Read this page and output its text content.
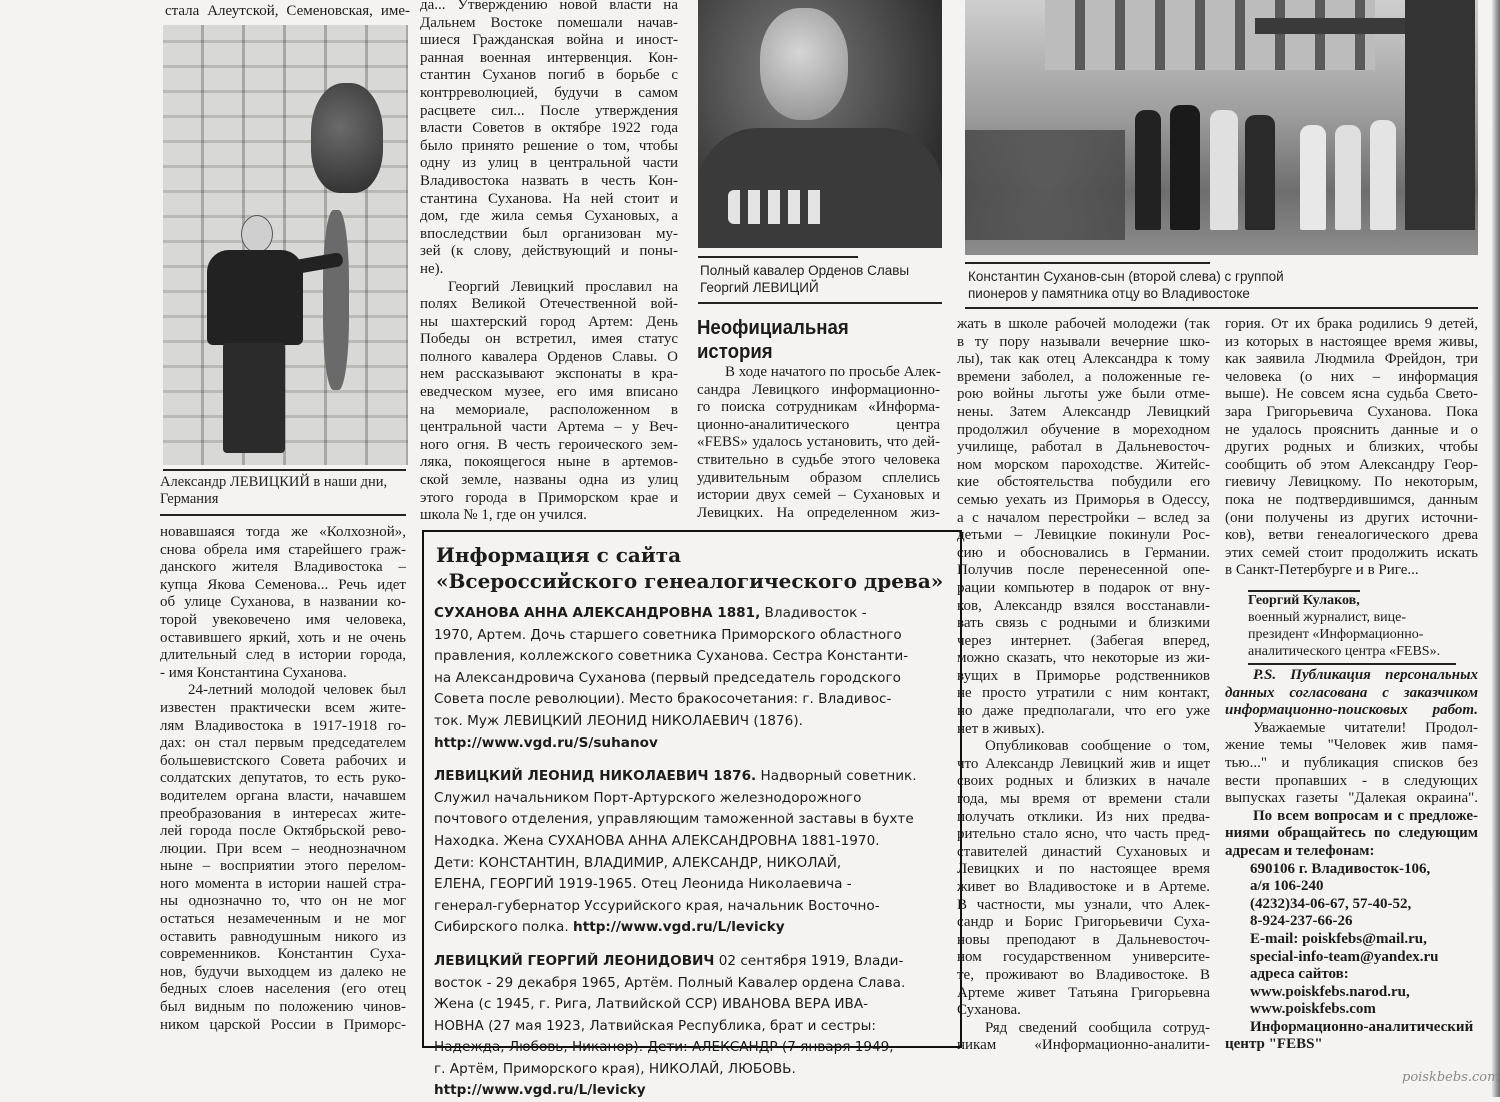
стала Алеутской, Семеновская, име-
Александр ЛЕВИЦКИЙ в наши дни,
Германия
да... Утверждению новой власти на
Дальнем Востоке помешали начав-
шиеся Гражданская война и иност-
ранная военная интервенция. Кон-
стантин Суханов погиб в борьбе с
контрреволюцией, будучи в самом
расцвете сил... После утверждения
власти Советов в октябре 1922 года
было принято решение о том, чтобы
одну из улиц в центральной части
Владивостока назвать в честь Кон-
стантина Суханова. На ней стоит и
дом, где жила семья Сухановых, а
впоследствии был организован му-
зей (к слову, действующий и поны-
не).
Георгий Левицкий прославил на
полях Великой Отечественной вой-
ны шахтерский город Артем: День
Победы он встретил, имея статус
полного кавалера Орденов Славы. О
нем рассказывают экспонаты в кра-
еведческом музее, его имя вписано
на мемориале, расположенном в
центральной части Артема – у Веч-
ного огня. В честь героического зем-
ляка, покоящегося ныне в артемов-
ской земле, названы одна из улиц
этого города в Приморском крае и
школа № 1, где он учился.
Полный кавалер Орденов Славы
Георгий ЛЕВИЦИЙ
Константин Суханов-сын (второй слева) с группой
пионеров у памятника отцу во Владивостоке
Неофициальная
история
В ходе начатого по просьбе Алек-
сандра Левицкого информационно-
го поиска сотрудникам «Информа-
ционно-аналитического центра
«FEBS» удалось установить, что дей-
ствительно в судьбе этого человека
удивительным образом сплелись
истории двух семей – Сухановых и
Левицких. На определенном жиз-
жать в школе рабочей молодежи (так
в ту пору называли вечерние шко-
лы), так как отец Александра к тому
времени заболел, а положенные ге-
рою войны льготы уже были отме-
нены. Затем Александр Левицкий
продолжил обучение в мореходном
училище, работал в Дальневосточ-
ном морском пароходстве. Житейс-
кие обстоятельства побудили его
семью уехать из Приморья в Одессу,
а с началом перестройки – вслед за
детьми – Левицкие покинули Рос-
сию и обосновались в Германии.
Получив после перенесенной опе-
рации компьютер в подарок от вну-
ков, Александр взялся восстанавли-
вать связь с родными и близкими
через интернет. (Забегая вперед,
можно сказать, что некоторые из жи-
вущих в Приморье родственников
не просто утратили с ним контакт,
но даже предполагали, что его уже
нет в живых).
Опубликовав сообщение о том,
что Александр Левицкий жив и ищет
своих родных и близких в начале
года, мы время от времени стали
получать отклики. Из них предва-
рительно стало ясно, что часть пред-
ставителей династий Сухановых и
Левицких и по настоящее время
живет во Владивостоке и в Артеме.
В частности, мы узнали, что Алек-
сандр и Борис Григорьевичи Суха-
новы преподают в Дальневосточ-
ном государственном университе-
те, проживают во Владивостоке. В
Артеме живет Татьяна Григорьевна
Суханова.
Ряд сведений сообщила сотруд-
никам «Информационно-аналити-
гория. От их брака родились 9 детей,
из которых в настоящее время живы,
как заявила Людмила Фрейдон, три
человека (о них – информация
выше). Не совсем ясна судьба Свето-
зара Григорьевича Суханова. Пока
не удалось прояснить данные и о
других родных и близких, чтобы
сообщить об этом Александру Геор-
гиевичу Левицкому. По некоторым,
пока не подтвердившимся, данным
(они получены из других источни-
ков), ветви генеалогического древа
этих семей стоит продолжить искать
в Санкт-Петербурге и в Риге...
Георгий Кулаков,
военный журналист, вице-
президент «Информационно-
аналитического центра «FEBS».
P.S. Публикация персональных
данных согласована с заказчиком
информационно-поисковых работ.
Уважаемые читатели! Продол-
жение темы "Человек жив памя-
тью..." и публикация списков без
вести пропавших - в следующих
выпусках газеты "Далекая окраина".
По всем вопросам и с предложе-
ниями обращайтесь по следующим
адресам и телефонам:
690106 г. Владивосток-106,
а/я 106-240
(4232)34-06-67, 57-40-52,
8-924-237-66-26
E-mail: poiskfebs@mail.ru,
special-info-team@yandex.ru
адреса сайтов:
www.poiskfebs.narod.ru,
www.poiskfebs.com
Информационно-аналитический
центр "FEBS"
новавшаяся тогда же «Колхозной»,
снова обрела имя старейшего граж-
данского жителя Владивостока –
купца Якова Семенова... Речь идет
об улице Суханова, в названии ко-
торой увековечено имя человека,
оставившего яркий, хоть и не очень
длительный след в истории города,
- имя Константина Суханова.
24-летний молодой человек был
известен практически всем жите-
лям Владивостока в 1917-1918 го-
дах: он стал первым председателем
большевистского Совета рабочих и
солдатских депутатов, то есть руко-
водителем органа власти, начавшем
преобразования в интересах жите-
лей города после Октябрьской рево-
люции. При всем – неоднозначном
ныне – восприятии этого перелом-
ного момента в истории нашей стра-
ны однозначно то, что он не мог
остаться незамеченным и не мог
оставить равнодушным никого из
современников. Константин Суха-
нов, будучи выходцем из далеко не
бедных слоев населения (его отец
был видным по положению чинов-
ником царской России в Приморс-
Информация с сайта
«Всероссийского генеалогического древа»
СУХАНОВА АННА АЛЕКСАНДРОВНА 1881, Владивосток -
1970, Артем. Дочь старшего советника Приморского областного
правления, коллежского советника Суханова. Сестра Константи-
на Александровича Суханова (первый председатель городского
Совета после революции). Место бракосочетания: г. Владивос-
ток. Муж ЛЕВИЦКИЙ ЛЕОНИД НИКОЛАЕВИЧ (1876).
http://www.vgd.ru/S/suhanov
ЛЕВИЦКИЙ ЛЕОНИД НИКОЛАЕВИЧ 1876. Надворный советник.
Служил начальником Порт-Артурского железнодорожного
почтового отделения, управляющим таможенной заставы в бухте
Находка. Жена СУХАНОВА АННА АЛЕКСАНДРОВНА 1881-1970.
Дети: КОНСТАНТИН, ВЛАДИМИР, АЛЕКСАНДР, НИКОЛАЙ,
ЕЛЕНА, ГЕОРГИЙ 1919-1965. Отец Леонида Николаевича -
генерал-губернатор Уссурийского края, начальник Восточно-
Сибирского полка. http://www.vgd.ru/L/levicky
ЛЕВИЦКИЙ ГЕОРГИЙ ЛЕОНИДОВИЧ 02 сентября 1919, Влади-
восток - 29 декабря 1965, Артём. Полный Кавалер ордена Слава.
Жена (с 1945, г. Рига, Латвийской ССР) ИВАНОВА ВЕРА ИВА-
НОВНА (27 мая 1923, Латвийская Республика, брат и сестры:
Надежда, Любовь, Никанор). Дети: АЛЕКСАНДР (7 января 1949,
г. Артём, Приморского края), НИКОЛАЙ, ЛЮБОВЬ.
http://www.vgd.ru/L/levicky
poiskbebs.com
